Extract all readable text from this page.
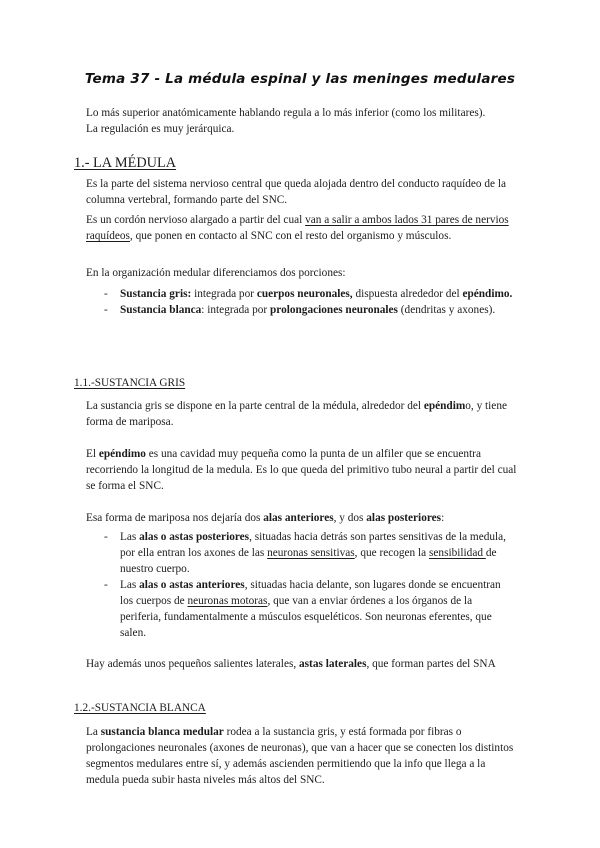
Tema 37 - La médula espinal y las meninges medulares

Lo más superior anatómicamente hablando regula a lo más inferior (como los militares).

La regulación es muy jerárquica.

1.- LA MÉDULA

Es la parte del sistema nervioso central que queda alojada dentro del conducto raquídeo de la columna vertebral, formando parte del SNC.

Es un cordón nervioso alargado a partir del cual van a salir a ambos lados 31 pares de nervios raquídeos, que ponen en contacto al SNC con el resto del organismo y músculos.

En la organización medular diferenciamos dos porciones:

- Sustancia gris: integrada por cuerpos neuronales, dispuesta alrededor del epéndimo.
- Sustancia blanca: integrada por prolongaciones neuronales (dendritas y axones).
1.1.-SUSTANCIA GRIS

La sustancia gris se dispone en la parte central de la médula, alrededor del epéndimo, y tiene forma de mariposa.

El epéndimo es una cavidad muy pequeña como la punta de un alfiler que se encuentra recorriendo la longitud de la medula. Es lo que queda del primitivo tubo neural a partir del cual se forma el SNC.

Esa forma de mariposa nos dejaría dos alas anteriores, y dos alas posteriores:

- Las alas o astas posteriores, situadas hacia detrás son partes sensitivas de la medula, por ella entran los axones de las neuronas sensitivas, que recogen la sensibilidad de nuestro cuerpo.
- Las alas o astas anteriores, situadas hacia delante, son lugares donde se encuentran los cuerpos de neuronas motoras, que van a enviar órdenes a los órganos de la periferia, fundamentalmente a músculos esqueléticos. Son neuronas eferentes, que salen.

Hay además unos pequeños salientes laterales, astas laterales, que forman partes del SNA

1.2.-SUSTANCIA BLANCA

La sustancia blanca medular rodea a la sustancia gris, y está formada por fibras o prolongaciones neuronales (axones de neuronas), que van a hacer que se conecten los distintos segmentos medulares entre sí, y además ascienden permitiendo que la info que llega a la medula pueda subir hasta niveles más altos del SNC.
